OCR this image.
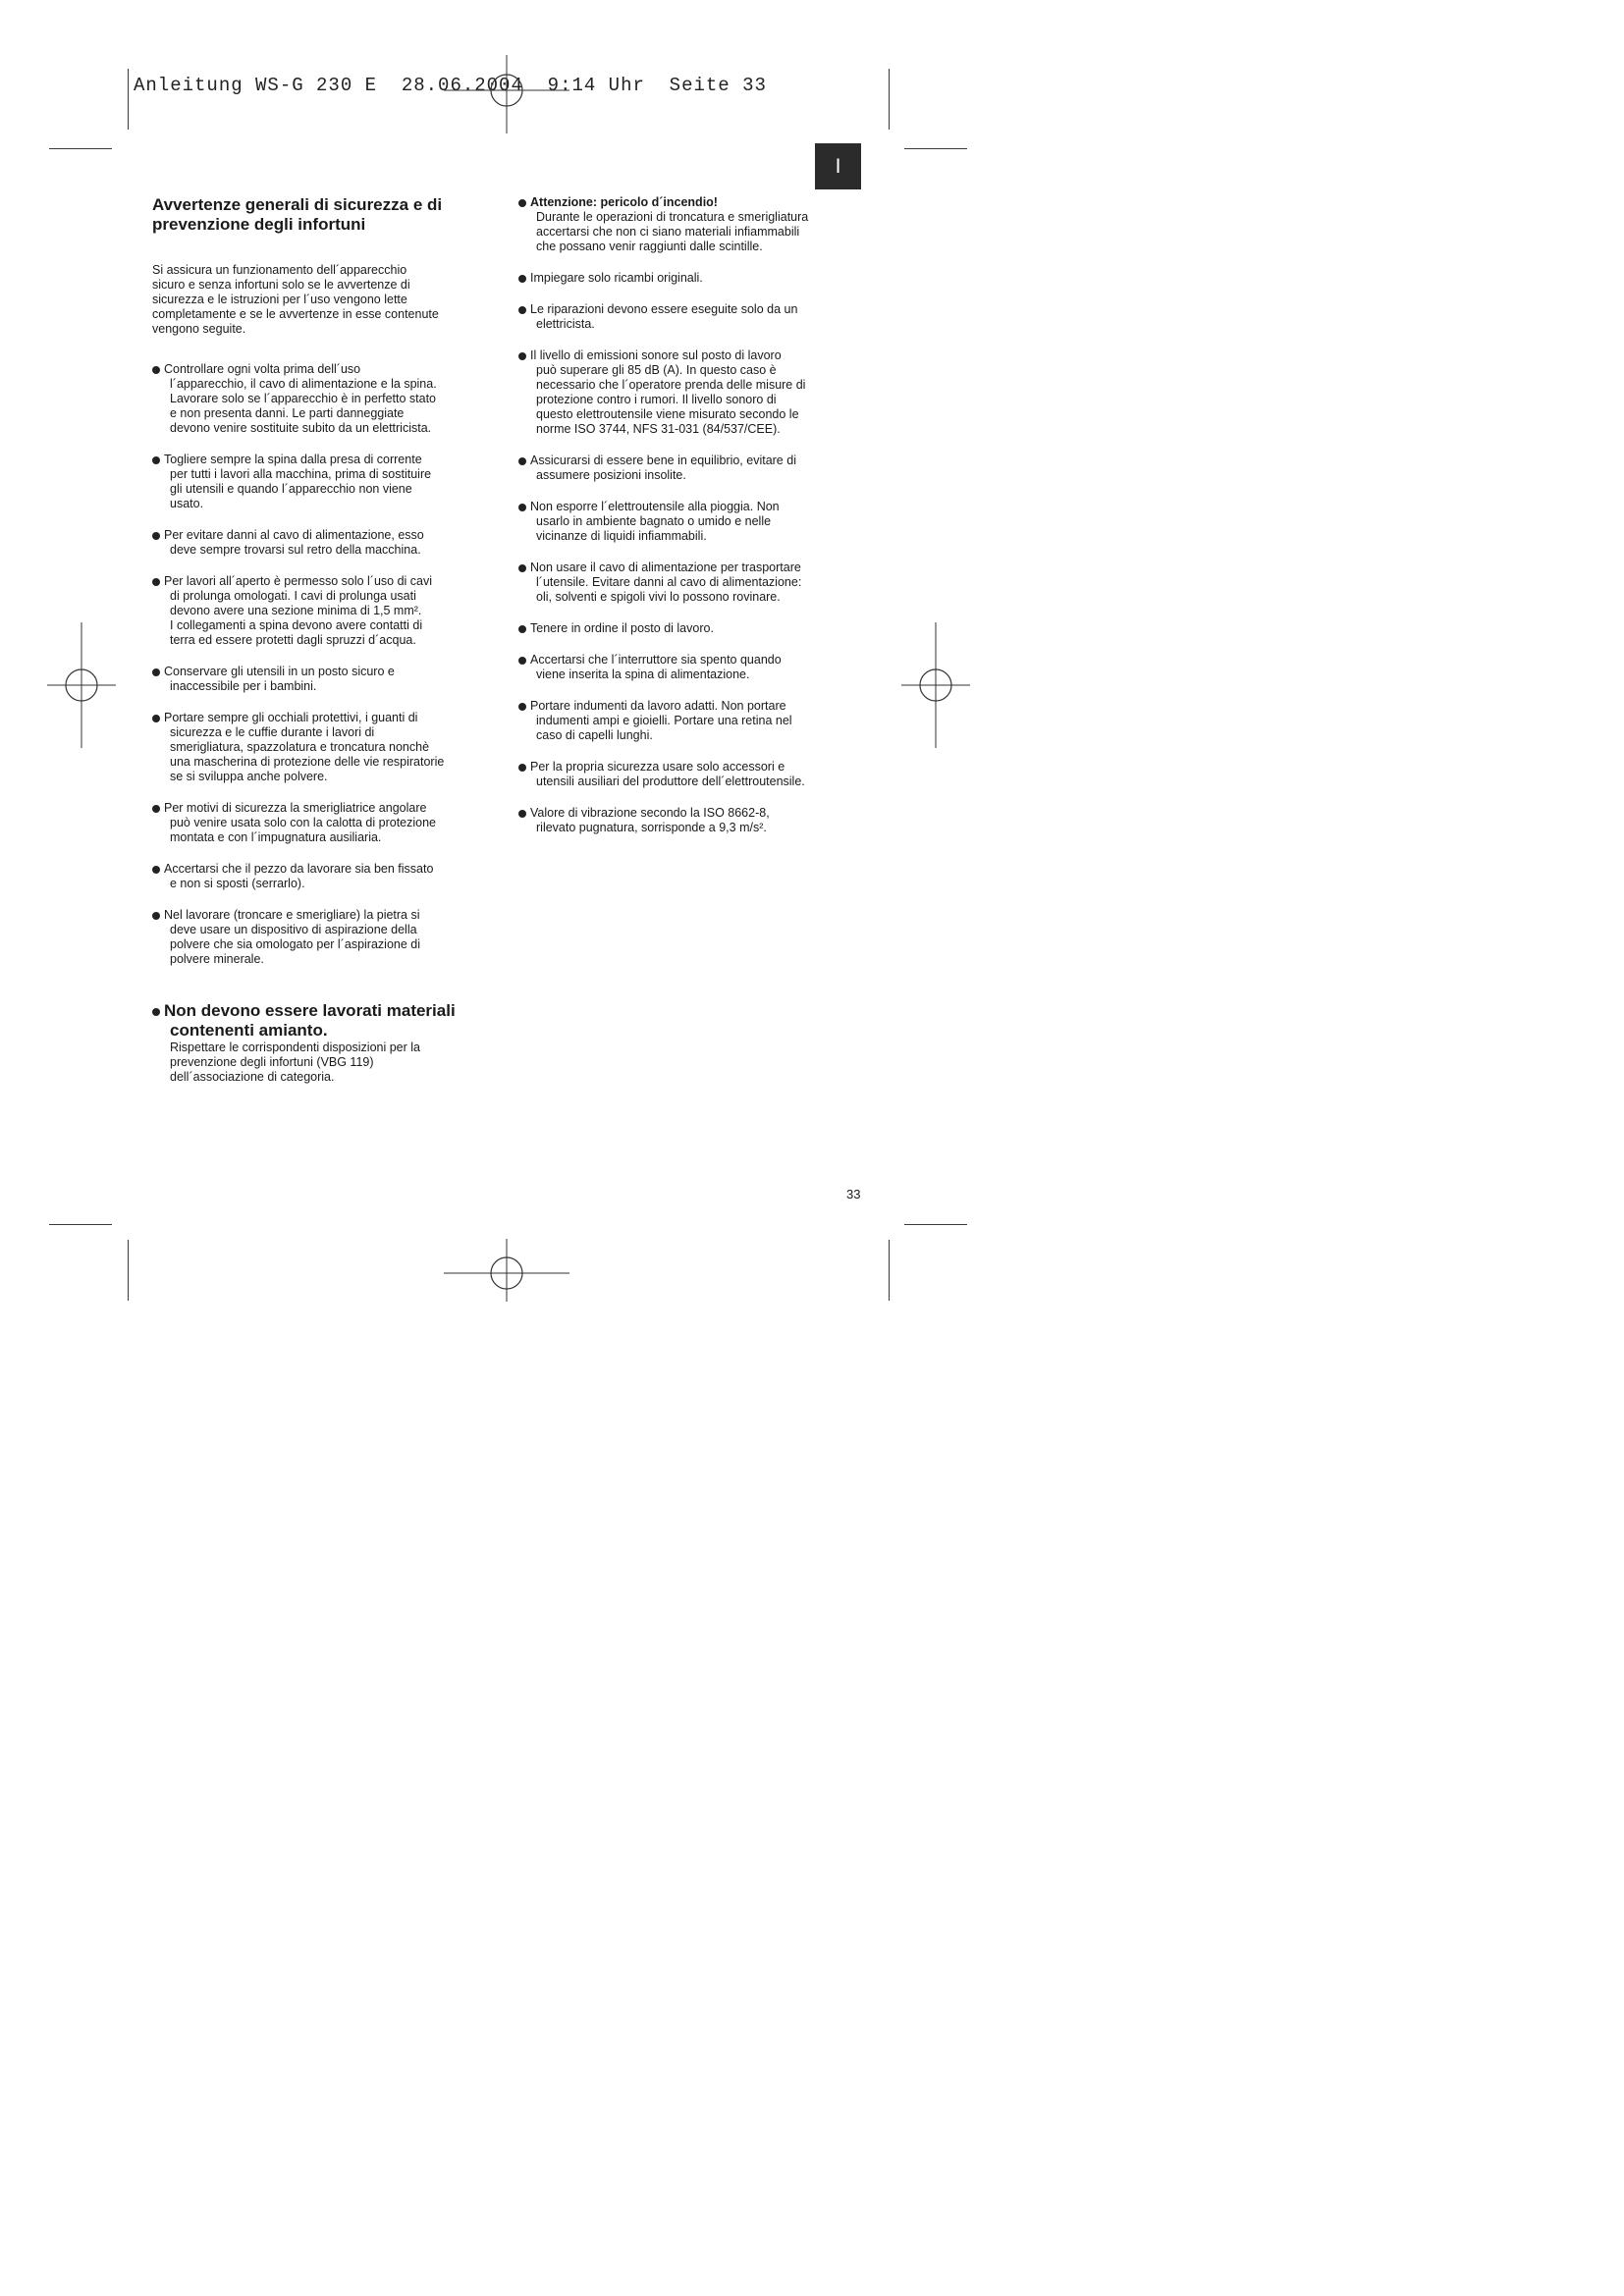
Anleitung WS-G 230 E  28.06.2004  9:14 Uhr  Seite 33
I
Avvertenze generali di sicurezza e di
prevenzione degli infortuni
Si assicura un funzionamento dell´apparecchio
sicuro e senza infortuni solo se le avvertenze di
sicurezza e le istruzioni per l´uso vengono lette
completamente e se le avvertenze in esse contenute
vengono seguite.
Controllare ogni volta prima dell´uso
l´apparecchio, il cavo di alimentazione e la spina.
Lavorare solo se l´apparecchio è in perfetto stato
e non presenta danni. Le parti danneggiate
devono venire sostituite subito da un elettricista.
Togliere sempre la spina dalla presa di corrente
per tutti i lavori alla macchina, prima di sostituire
gli utensili e quando l´apparecchio non viene
usato.
Per evitare danni al cavo di alimentazione, esso
deve sempre trovarsi sul retro della macchina.
Per lavori all´aperto è permesso solo l´uso di cavi
di prolunga omologati. I cavi di prolunga usati
devono avere una sezione minima di 1,5 mm².
I collegamenti a spina devono avere contatti di
terra ed essere protetti dagli spruzzi d´acqua.
Conservare gli utensili in un posto sicuro e
inaccessibile per i bambini.
Portare sempre gli occhiali protettivi, i guanti di
sicurezza e le cuffie durante i lavori di
smerigliatura, spazzolatura e troncatura nonchè
una mascherina di protezione delle vie respiratorie
se si sviluppa anche polvere.
Per motivi di sicurezza la smerigliatrice angolare
può venire usata solo con la calotta di protezione
montata e con l´impugnatura ausiliaria.
Accertarsi che il pezzo da lavorare sia ben fissato
e non si sposti (serrarlo).
Nel lavorare (troncare e smerigliare) la pietra si
deve usare un dispositivo di aspirazione della
polvere che sia omologato per l´aspirazione di
polvere minerale.
Non devono essere lavorati materiali
contenenti amianto.
Rispettare le corrispondenti disposizioni per la
prevenzione degli infortuni (VBG 119)
dell´associazione di categoria.
Attenzione: pericolo d´incendio!
Durante le operazioni di troncatura e smerigliatura
accertarsi che non ci siano materiali infiammabili
che possano venir raggiunti dalle scintille.
Impiegare solo ricambi originali.
Le riparazioni devono essere eseguite solo da un
elettricista.
Il livello di emissioni sonore sul posto di lavoro
può superare gli 85 dB (A). In questo caso è
necessario che l´operatore prenda delle misure di
protezione contro i rumori. Il livello sonoro di
questo elettroutensile viene misurato secondo le
norme ISO 3744, NFS 31-031 (84/537/CEE).
Assicurarsi di essere bene in equilibrio, evitare di
assumere posizioni insolite.
Non esporre l´elettroutensile alla pioggia. Non
usarlo in ambiente bagnato o umido e nelle
vicinanze di liquidi infiammabili.
Non usare il cavo di alimentazione per trasportare
l´utensile. Evitare danni al cavo di alimentazione:
oli, solventi e spigoli vivi lo possono rovinare.
Tenere in ordine il posto di lavoro.
Accertarsi che l´interruttore sia spento quando
viene inserita la spina di alimentazione.
Portare indumenti da lavoro adatti. Non portare
indumenti ampi e gioielli. Portare una retina nel
caso di capelli lunghi.
Per la propria sicurezza usare solo accessori e
utensili ausiliari del produttore dell´elettroutensile.
Valore di vibrazione secondo la ISO 8662-8,
rilevato pugnatura, sorrisponde a 9,3 m/s².
33
